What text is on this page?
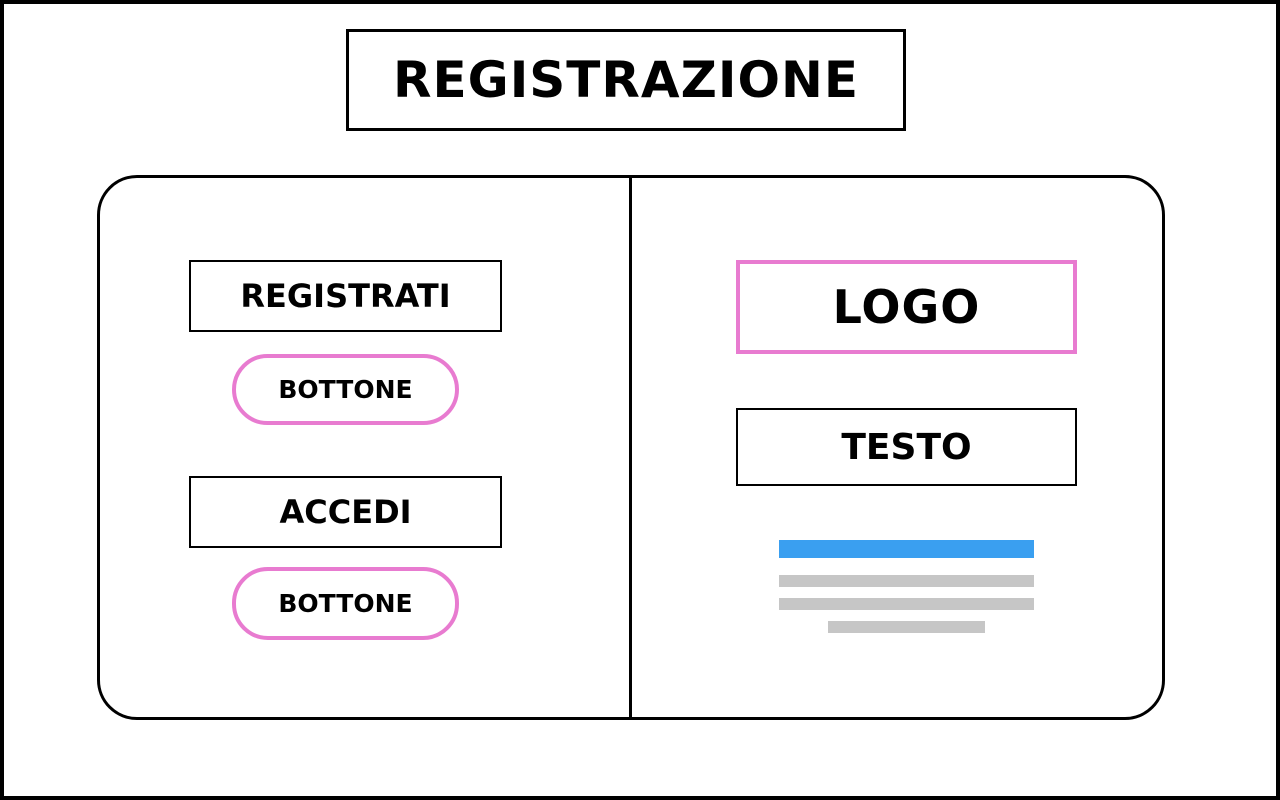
REGISTRAZIONE
REGISTRATI
BOTTONE
ACCEDI
BOTTONE
LOGO
TESTO
